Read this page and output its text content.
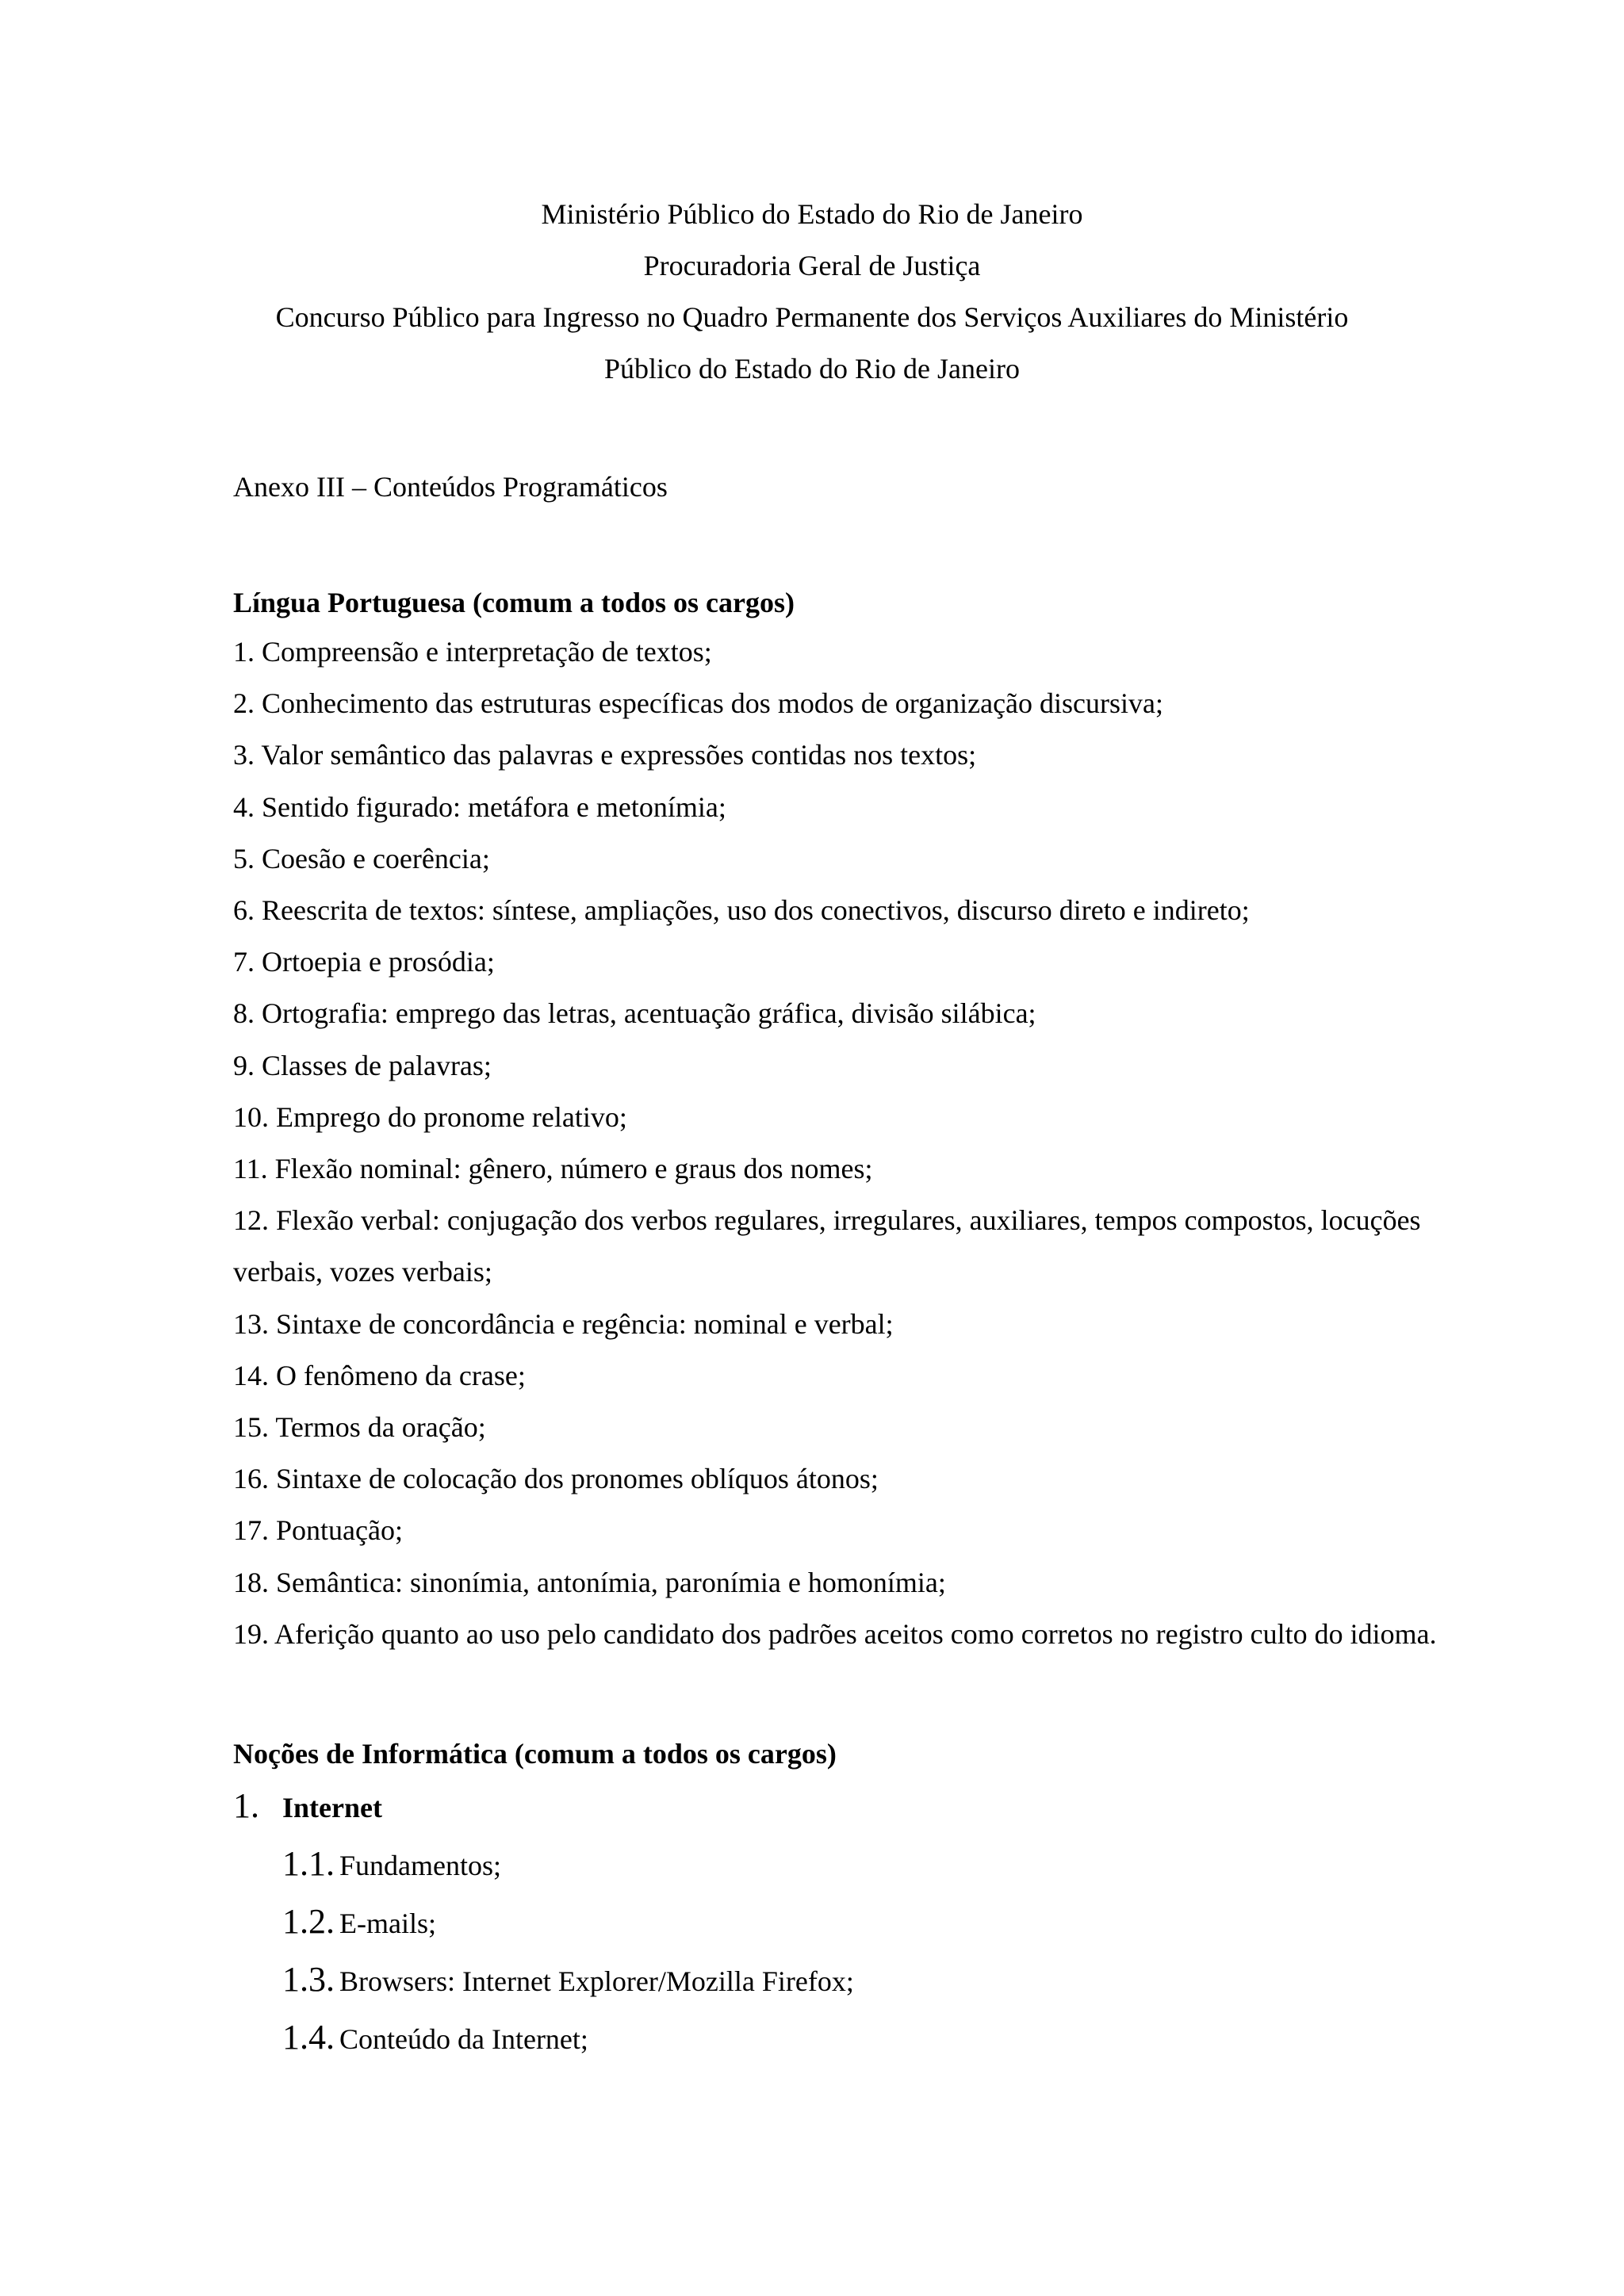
Ministério Público do Estado do Rio de Janeiro
Procuradoria Geral de Justiça
Concurso Público para Ingresso no Quadro Permanente dos Serviços Auxiliares do Ministério
Público do Estado do Rio de Janeiro
Anexo III – Conteúdos Programáticos
Língua Portuguesa (comum a todos os cargos)
1. Compreensão e interpretação de textos;
2. Conhecimento das estruturas específicas dos modos de organização discursiva;
3. Valor semântico das palavras e expressões contidas nos textos;
4. Sentido figurado: metáfora e metonímia;
5. Coesão e coerência;
6. Reescrita de textos: síntese, ampliações, uso dos conectivos, discurso direto e indireto;
7. Ortoepia e prosódia;
8. Ortografia: emprego das letras, acentuação gráfica, divisão silábica;
9. Classes de palavras;
10. Emprego do pronome relativo;
11. Flexão nominal: gênero, número e graus dos nomes;
12. Flexão verbal: conjugação dos verbos regulares, irregulares, auxiliares, tempos compostos, locuções verbais, vozes verbais;
13. Sintaxe de concordância e regência: nominal e verbal;
14. O fenômeno da crase;
15. Termos da oração;
16. Sintaxe de colocação dos pronomes oblíquos átonos;
17. Pontuação;
18. Semântica: sinonímia, antonímia, paronímia e homonímia;
19. Aferição quanto ao uso pelo candidato dos padrões aceitos como corretos no registro culto do idioma.
Noções de Informática (comum a todos os cargos)
1. Internet
1.1. Fundamentos;
1.2. E-mails;
1.3. Browsers: Internet Explorer/Mozilla Firefox;
1.4. Conteúdo da Internet;
